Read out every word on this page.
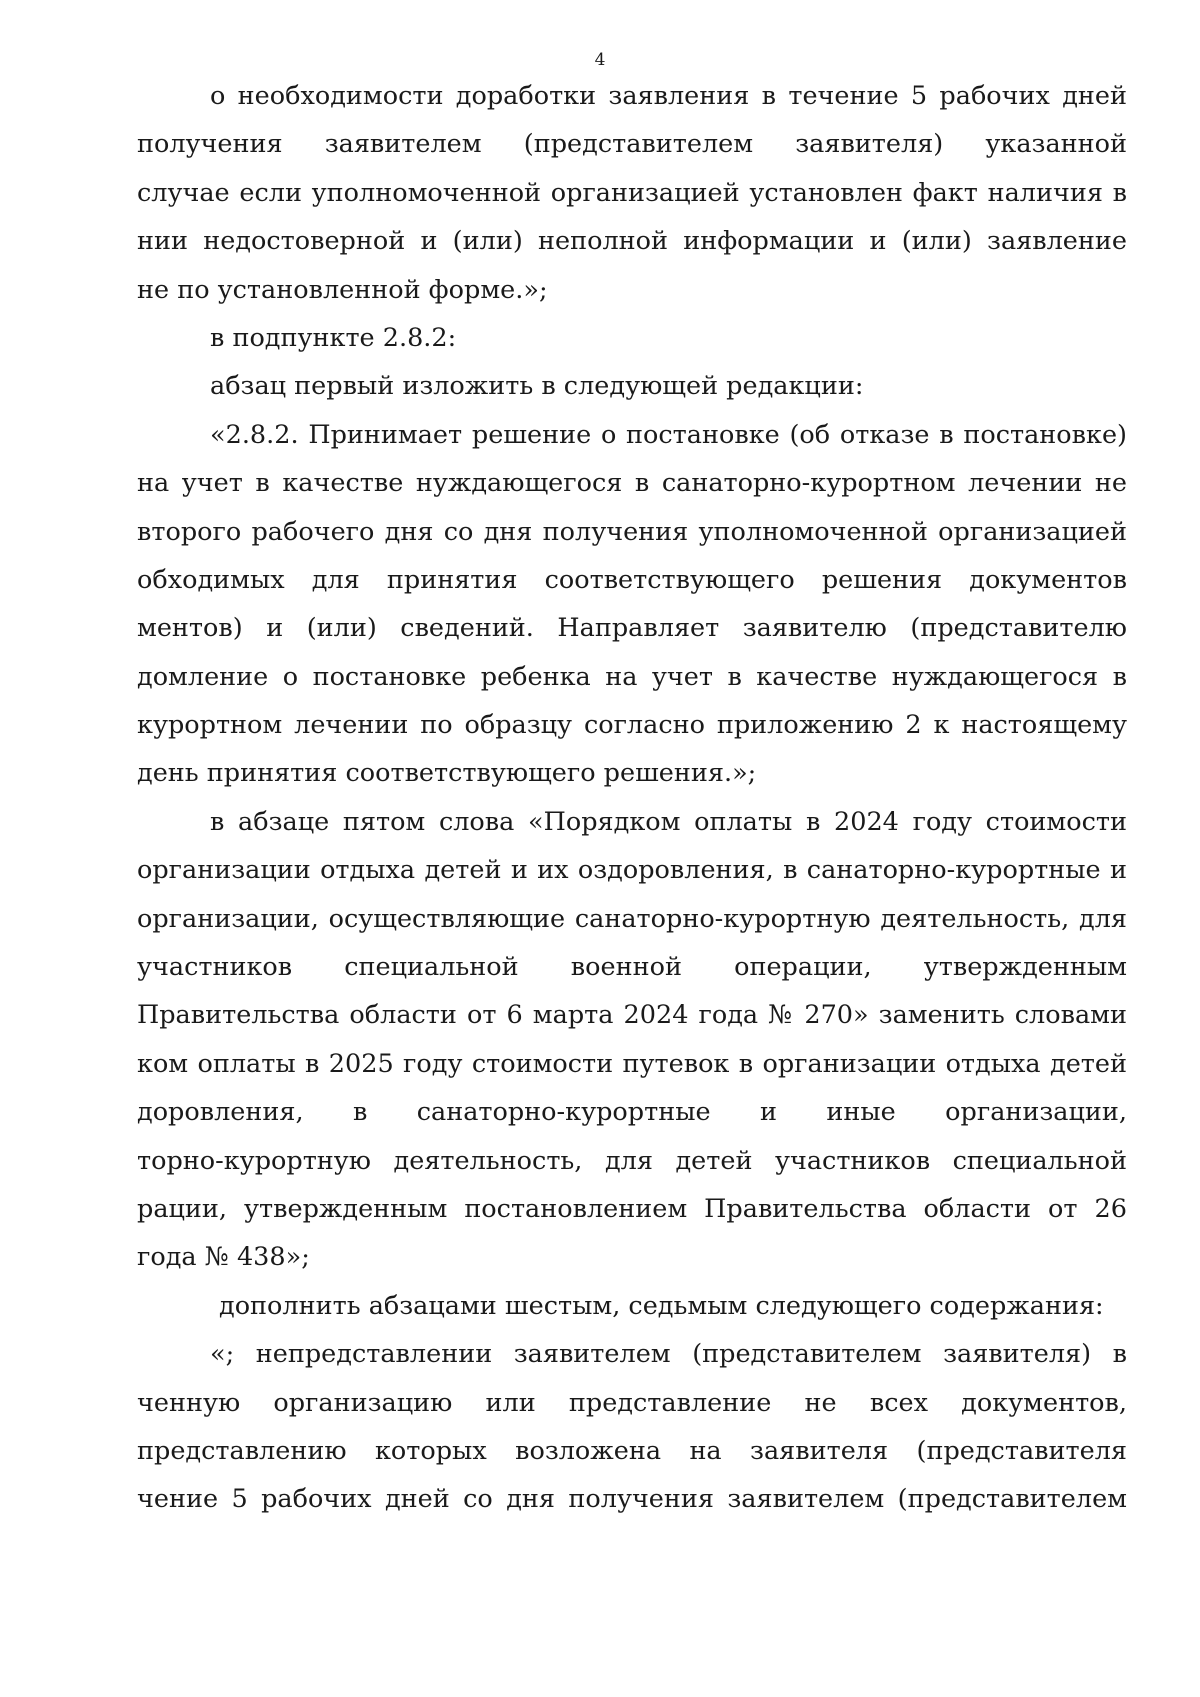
4
о необходимости доработки заявления в течение 5 рабочих дней
получения заявителем (представителем заявителя) указанной
случае если уполномоченной организацией установлен факт наличия в
нии недостоверной и (или) неполной информации и (или) заявление
не по установленной форме.»;
в подпункте 2.8.2:
абзац первый изложить в следующей редакции:
«2.8.2. Принимает решение о постановке (об отказе в постановке)
на учет в качестве нуждающегося в санаторно-курортном лечении не
второго рабочего дня со дня получения уполномоченной организацией
обходимых для принятия соответствующего решения документов
ментов) и (или) сведений. Направляет заявителю (представителю
домление о постановке ребенка на учет в качестве нуждающегося в
курортном лечении по образцу согласно приложению 2 к настоящему
день принятия соответствующего решения.»;
в абзаце пятом слова «Порядком оплаты в 2024 году стоимости
организации отдыха детей и их оздоровления, в санаторно-курортные и
организации, осуществляющие санаторно-курортную деятельность, для
участников специальной военной операции, утвержденным
Правительства области от 6 марта 2024 года № 270» заменить словами
ком оплаты в 2025 году стоимости путевок в организации отдыха детей
доровления, в санаторно-курортные и иные организации,
торно-курортную деятельность, для детей участников специальной
рации, утвержденным постановлением Правительства области от 26
года № 438»;
дополнить абзацами шестым, седьмым следующего содержания:
«; непредставлении заявителем (представителем заявителя) в
ченную организацию или представление не всех документов,
представлению которых возложена на заявителя (представителя
чение 5 рабочих дней со дня получения заявителем (представителем
